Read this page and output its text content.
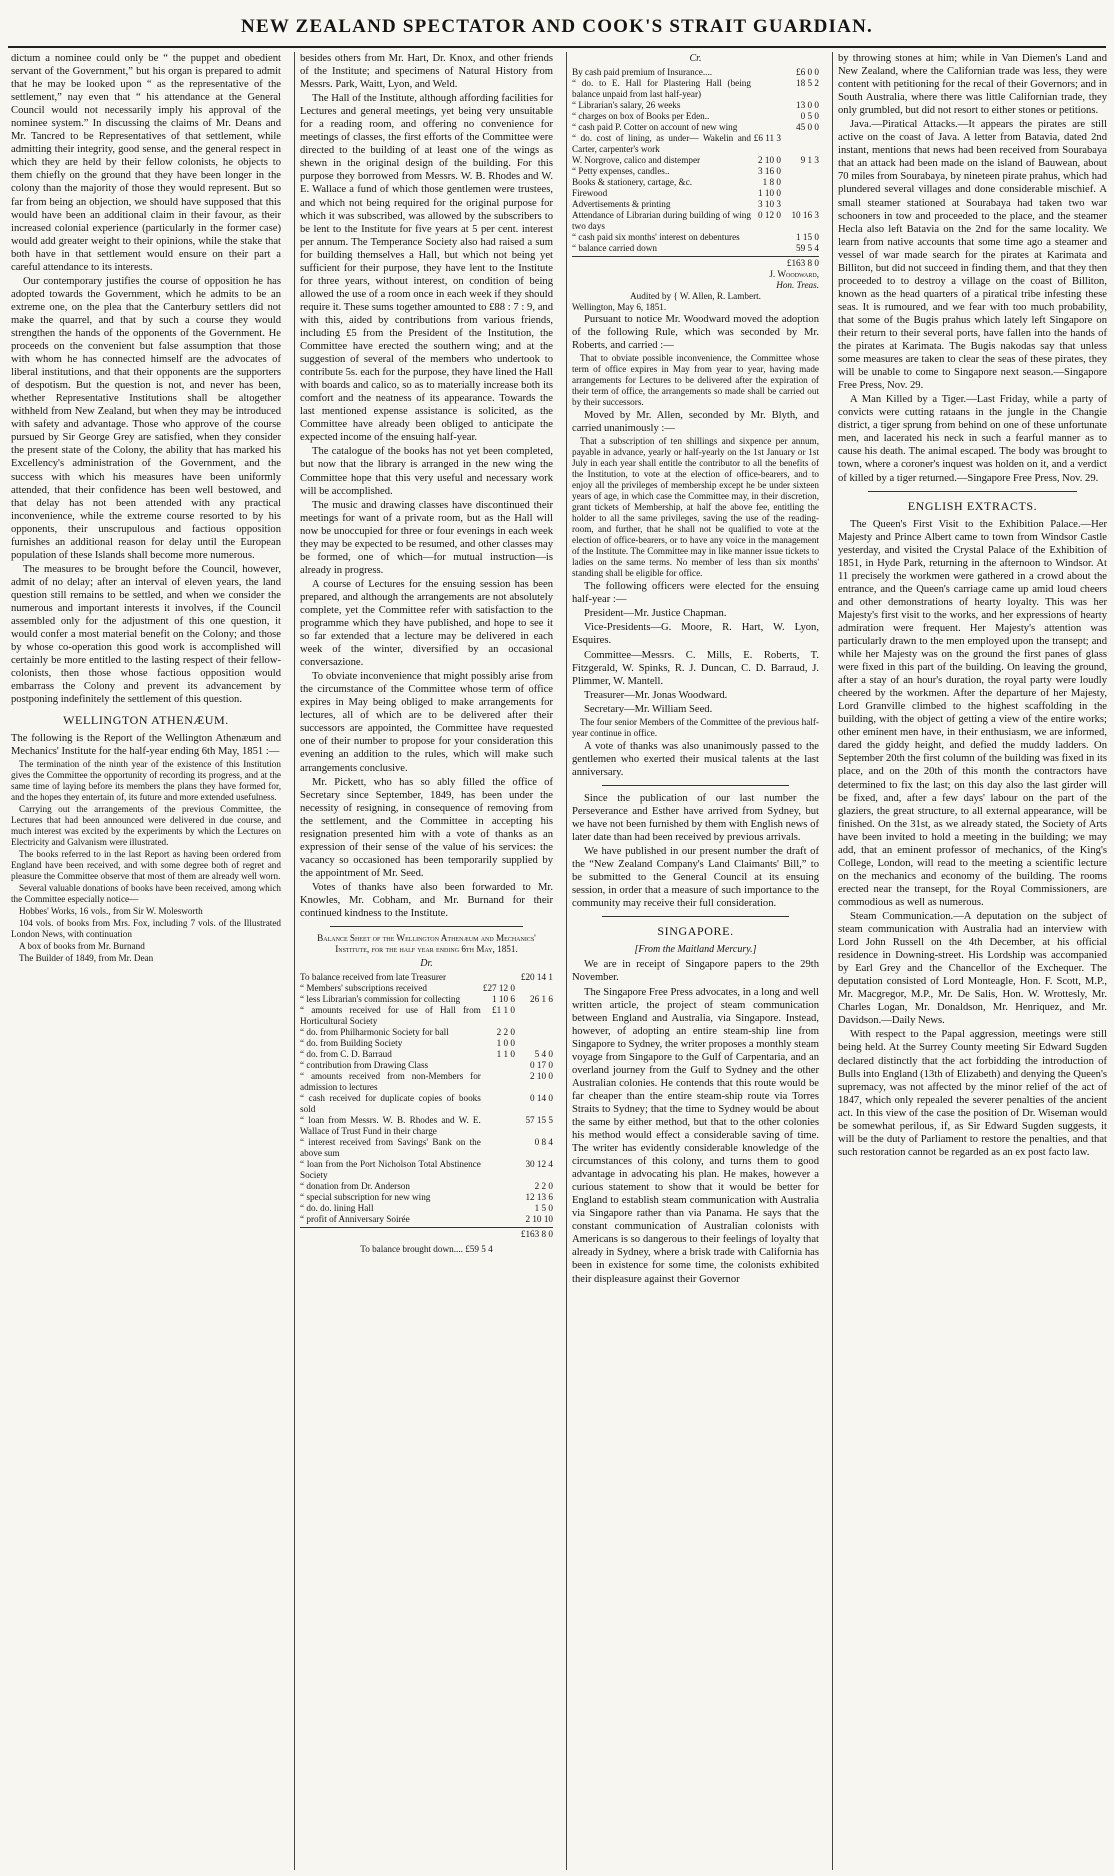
NEW ZEALAND SPECTATOR AND COOK'S STRAIT GUARDIAN.

dictum a nominee could only be “ the puppet and obedient servant of the Government,” but his organ is prepared to admit that he may be looked upon “ as the representative of the settlement,” nay even that “ his attendance at the General Council would not necessarily imply his approval of the nominee system.” In discussing the claims of Mr. Deans and Mr. Tancred to be Representatives of that settlement, while admitting their integrity, good sense, and the general respect in which they are held by their fellow colonists, he objects to them chiefly on the ground that they have been longer in the colony than the majority of those they would represent. But so far from being an objection, we should have supposed that this would have been an additional claim in their favour, as their increased colonial experience (particularly in the former case) would add greater weight to their opinions, while the stake that both have in that settlement would ensure on their part a careful attendance to its interests.

Our contemporary justifies the course of opposition he has adopted towards the Government, which he admits to be an extreme one, on the plea that the Canterbury settlers did not make the quarrel, and that by such a course they would strengthen the hands of the opponents of the Government. He proceeds on the convenient but false assumption that those with whom he has connected himself are the advocates of liberal institutions, and that their opponents are the supporters of despotism. But the question is not, and never has been, whether Representative Institutions shall be altogether withheld from New Zealand, but when they may be introduced with safety and advantage. Those who approve of the course pursued by Sir George Grey are satisfied, when they consider the present state of the Colony, the ability that has marked his Excellency's administration of the Government, and the success with which his measures have been uniformly attended, that their confidence has been well bestowed, and that delay has not been attended with any practical inconvenience, while the extreme course resorted to by his opponents, their unscrupulous and factious opposition furnishes an additional reason for delay until the European population of these Islands shall become more numerous.

The measures to be brought before the Council, however, admit of no delay; after an interval of eleven years, the land question still remains to be settled, and when we consider the numerous and important interests it involves, if the Council assembled only for the adjustment of this one question, it would confer a most material benefit on the Colony; and those by whose co-operation this good work is accomplished will certainly be more entitled to the lasting respect of their fellow-colonists, then those whose factious opposition would embarrass the Colony and prevent its advancement by postponing indefinitely the settlement of this question.

WELLINGTON ATHENÆUM.

The following is the Report of the Wellington Athenæum and Mechanics' Institute for the half-year ending 6th May, 1851 :—

The termination of the ninth year of the existence of this Institution gives the Committee the opportunity of recording its progress, and at the same time of laying before its members the plans they have formed for, and the hopes they entertain of, its future and more extended usefulness.

Carrying out the arrangements of the previous Committee, the Lectures that had been announced were delivered in due course, and much interest was excited by the experiments by which the Lectures on Electricity and Galvanism were illustrated.

The books referred to in the last Report as having been ordered from England have been received, and with some degree both of regret and pleasure the Committee observe that most of them are already well worn.

Several valuable donations of books have been received, among which the Committee especially notice—

Hobbes' Works, 16 vols., from Sir W. Molesworth

104 vols. of books from Mrs. Fox, including 7 vols. of the Illustrated London News, with continuation

A box of books from Mr. Burnand

The Builder of 1849, from Mr. Dean

besides others from Mr. Hart, Dr. Knox, and other friends of the Institute; and specimens of Natural History from Messrs. Park, Waitt, Lyon, and Weld.

The Hall of the Institute, although affording facilities for Lectures and general meetings, yet being very unsuitable for a reading room, and offering no convenience for meetings of classes, the first efforts of the Committee were directed to the building of at least one of the wings as shewn in the original design of the building. For this purpose they borrowed from Messrs. W. B. Rhodes and W. E. Wallace a fund of which those gentlemen were trustees, and which not being required for the original purpose for which it was subscribed, was allowed by the subscribers to be lent to the Institute for five years at 5 per cent. interest per annum. The Temperance Society also had raised a sum for building themselves a Hall, but which not being yet sufficient for their purpose, they have lent to the Institute for three years, without interest, on condition of being allowed the use of a room once in each week if they should require it. These sums together amounted to £88 : 7 : 9, and with this, aided by contributions from various friends, including £5 from the President of the Institution, the Committee have erected the southern wing; and at the suggestion of several of the members who undertook to contribute 5s. each for the purpose, they have lined the Hall with boards and calico, so as to materially increase both its comfort and the neatness of its appearance. Towards the last mentioned expense assistance is solicited, as the Committee have already been obliged to anticipate the expected income of the ensuing half-year.

The catalogue of the books has not yet been completed, but now that the library is arranged in the new wing the Committee hope that this very useful and necessary work will be accomplished.

The music and drawing classes have discontinued their meetings for want of a private room, but as the Hall will now be unoccupied for three or four evenings in each week they may be expected to be resumed, and other classes may be formed, one of which—for mutual instruction—is already in progress.

A course of Lectures for the ensuing session has been prepared, and although the arrangements are not absolutely complete, yet the Committee refer with satisfaction to the programme which they have published, and hope to see it so far extended that a lecture may be delivered in each week of the winter, diversified by an occasional conversazione.

To obviate inconvenience that might possibly arise from the circumstance of the Committee whose term of office expires in May being obliged to make arrangements for lectures, all of which are to be delivered after their successors are appointed, the Committee have requested one of their number to propose for your consideration this evening an addition to the rules, which will make such arrangements conclusive.

Mr. Pickett, who has so ably filled the office of Secretary since September, 1849, has been under the necessity of resigning, in consequence of removing from the settlement, and the Committee in accepting his resignation presented him with a vote of thanks as an expression of their sense of the value of his services: the vacancy so occasioned has been temporarily supplied by the appointment of Mr. Seed.

Votes of thanks have also been forwarded to Mr. Knowles, Mr. Cobham, and Mr. Burnand for their continued kindness to the Institute.

Balance Sheet of the Wellington Athenæum and Mechanics' Institute, for the half year ending 6th May, 1851.
Dr.
To balance received from late Treasurer		£20 14 1
“ Members' subscriptions received	£27 12 0	
“ less Librarian's commission for collecting	1 10 6	26 1 6
“ amounts received for use of Hall from Horticultural Society	£1 1 0	
“ do. from Philharmonic Society for ball	2 2 0	
“ do. from Building Society	1 0 0	
“ do. from C. D. Barraud	1 1 0	5 4 0
“ contribution from Drawing Class		0 17 0
“ amounts received from non-Members for admission to lectures		2 10 0
“ cash received for duplicate copies of books sold		0 14 0
“ loan from Messrs. W. B. Rhodes and W. E. Wallace of Trust Fund in their charge		57 15 5
“ interest received from Savings' Bank on the above sum		0 8 4
“ loan from the Port Nicholson Total Abstinence Society		30 12 4
“ donation from Dr. Anderson		2 2 0
“ special subscription for new wing		12 13 6
“ do. do. lining Hall		1 5 0
“ profit of Anniversary Soirée		2 10 10
£163 8 0
To balance brought down.... £59 5 4
Cr.
By cash paid premium of Insurance....		£6 0 0
“ do. to E. Hall for Plastering Hall (being balance unpaid from last half-year)		18 5 2
“ Librarian's salary, 26 weeks		13 0 0
“ charges on box of Books per Eden..		0 5 0
“ cash paid P. Cotter on account of new wing		45 0 0
“ do. cost of lining, as under— Wakelin and Carter, carpenter's work	£6 11 3	
W. Norgrove, calico and distemper	2 10 0	9 1 3
“ Petty expenses, candles..	3 16 0	
Books & stationery, cartage, &c.	1 8 0	
Firewood	1 10 0	
Advertisements & printing	3 10 3	
Attendance of Librarian during building of wing two days	0 12 0	10 16 3
“ cash paid six months' interest on debentures		1 15 0
“ balance carried down		59 5 4
£163 8 0
J. Woodward,
Hon. Treas.
Audited by { W. Allen, R. Lambert.
Wellington, May 6, 1851.

Pursuant to notice Mr. Woodward moved the adoption of the following Rule, which was seconded by Mr. Roberts, and carried :—

That to obviate possible inconvenience, the Committee whose term of office expires in May from year to year, having made arrangements for Lectures to be delivered after the expiration of their term of office, the arrangements so made shall be carried out by their successors.

Moved by Mr. Allen, seconded by Mr. Blyth, and carried unanimously :—

That a subscription of ten shillings and sixpence per annum, payable in advance, yearly or half-yearly on the 1st January or 1st July in each year shall entitle the contributor to all the benefits of the Institution, to vote at the election of office-bearers, and to enjoy all the privileges of membership except he be under sixteen years of age, in which case the Committee may, in their discretion, grant tickets of Membership, at half the above fee, entitling the holder to all the same privileges, saving the use of the reading-room, and further, that he shall not be qualified to vote at the election of office-bearers, or to have any voice in the management of the Institute. The Committee may in like manner issue tickets to ladies on the same terms. No member of less than six months' standing shall be eligible for office.

The following officers were elected for the ensuing half-year :—

President—Mr. Justice Chapman.

Vice-Presidents—G. Moore, R. Hart, W. Lyon, Esquires.

Committee—Messrs. C. Mills, E. Roberts, T. Fitzgerald, W. Spinks, R. J. Duncan, C. D. Barraud, J. Plimmer, W. Mantell.

Treasurer—Mr. Jonas Woodward.

Secretary—Mr. William Seed.

The four senior Members of the Committee of the previous half-year continue in office.

A vote of thanks was also unanimously passed to the gentlemen who exerted their musical talents at the last anniversary.

Since the publication of our last number the Perseverance and Esther have arrived from Sydney, but we have not been furnished by them with English news of later date than had been received by previous arrivals.

We have published in our present number the draft of the “New Zealand Company's Land Claimants' Bill,” to be submitted to the General Council at its ensuing session, in order that a measure of such importance to the community may receive their full consideration.

SINGAPORE.
[From the Maitland Mercury.]

We are in receipt of Singapore papers to the 29th November.

The Singapore Free Press advocates, in a long and well written article, the project of steam communication between England and Australia, via Singapore. Instead, however, of adopting an entire steam-ship line from Singapore to Sydney, the writer proposes a monthly steam voyage from Singapore to the Gulf of Carpentaria, and an overland journey from the Gulf to Sydney and the other Australian colonies. He contends that this route would be far cheaper than the entire steam-ship route via Torres Straits to Sydney; that the time to Sydney would be about the same by either method, but that to the other colonies his method would effect a considerable saving of time. The writer has evidently considerable knowledge of the circumstances of this colony, and turns them to good advantage in advocating his plan. He makes, however a curious statement to show that it would be better for England to establish steam communication with Australia via Singapore rather than via Panama. He says that the constant communication of Australian colonists with Americans is so dangerous to their feelings of loyalty that already in Sydney, where a brisk trade with California has been in existence for some time, the colonists exhibited their displeasure against their Governor

by throwing stones at him; while in Van Diemen's Land and New Zealand, where the Californian trade was less, they were content with petitioning for the recal of their Governors; and in South Australia, where there was little Californian trade, they only grumbled, but did not resort to either stones or petitions.

Java.—Piratical Attacks.—It appears the pirates are still active on the coast of Java. A letter from Batavia, dated 2nd instant, mentions that news had been received from Sourabaya that an attack had been made on the island of Bauwean, about 70 miles from Sourabaya, by nineteen pirate prahus, which had plundered several villages and done considerable mischief. A small steamer stationed at Sourabaya had taken two war schooners in tow and proceeded to the place, and the steamer Hecla also left Batavia on the 2nd for the same locality. We learn from native accounts that some time ago a steamer and vessel of war made search for the pirates at Karimata and Billiton, but did not succeed in finding them, and that they then proceeded to to destroy a village on the coast of Billiton, known as the head quarters of a piratical tribe infesting these seas. It is rumoured, and we fear with too much probability, that some of the Bugis prahus which lately left Singapore on their return to their several ports, have fallen into the hands of the pirates at Karimata. The Bugis nakodas say that unless some measures are taken to clear the seas of these pirates, they will be unable to come to Singapore next season.—Singapore Free Press, Nov. 29.

A Man Killed by a Tiger.—Last Friday, while a party of convicts were cutting rataans in the jungle in the Changie district, a tiger sprung from behind on one of these unfortunate men, and lacerated his neck in such a fearful manner as to cause his death. The animal escaped. The body was brought to town, where a coroner's inquest was holden on it, and a verdict of killed by a tiger returned.—Singapore Free Press, Nov. 29.

ENGLISH EXTRACTS.

The Queen's First Visit to the Exhibition Palace.—Her Majesty and Prince Albert came to town from Windsor Castle yesterday, and visited the Crystal Palace of the Exhibition of 1851, in Hyde Park, returning in the afternoon to Windsor. At 11 precisely the workmen were gathered in a crowd about the entrance, and the Queen's carriage came up amid loud cheers and other demonstrations of hearty loyalty. This was her Majesty's first visit to the works, and her expressions of hearty admiration were frequent. Her Majesty's attention was particularly drawn to the men employed upon the transept; and while her Majesty was on the ground the first panes of glass were fixed in this part of the building. On leaving the ground, after a stay of an hour's duration, the royal party were loudly cheered by the workmen. After the departure of her Majesty, Lord Granville climbed to the highest scaffolding in the building, with the object of getting a view of the entire works; other eminent men have, in their enthusiasm, we are informed, dared the giddy height, and defied the muddy ladders. On September 20th the first column of the building was fixed in its place, and on the 20th of this month the contractors have determined to fix the last; on this day also the last girder will be fixed, and, after a few days' labour on the part of the glaziers, the great structure, to all external appearance, will be finished. On the 31st, as we already stated, the Society of Arts have been invited to hold a meeting in the building; we may add, that an eminent professor of mechanics, of the King's College, London, will read to the meeting a scientific lecture on the mechanics and economy of the building. The rooms erected near the transept, for the Royal Commissioners, are commodious as well as numerous.

Steam Communication.—A deputation on the subject of steam communication with Australia had an interview with Lord John Russell on the 4th December, at his official residence in Downing-street. His Lordship was accompanied by Earl Grey and the Chancellor of the Exchequer. The deputation consisted of Lord Monteagle, Hon. F. Scott, M.P., Mr. Macgregor, M.P., Mr. De Salis, Hon. W. Wrottesly, Mr. Charles Logan, Mr. Donaldson, Mr. Henriquez, and Mr. Davidson.—Daily News.

With respect to the Papal aggression, meetings were still being held. At the Surrey County meeting Sir Edward Sugden declared distinctly that the act forbidding the introduction of Bulls into England (13th of Elizabeth) and denying the Queen's supremacy, was not affected by the minor relief of the act of 1847, which only repealed the severer penalties of the ancient act. In this view of the case the position of Dr. Wiseman would be somewhat perilous, if, as Sir Edward Sugden suggests, it will be the duty of Parliament to restore the penalties, and that such restoration cannot be regarded as an ex post facto law.
